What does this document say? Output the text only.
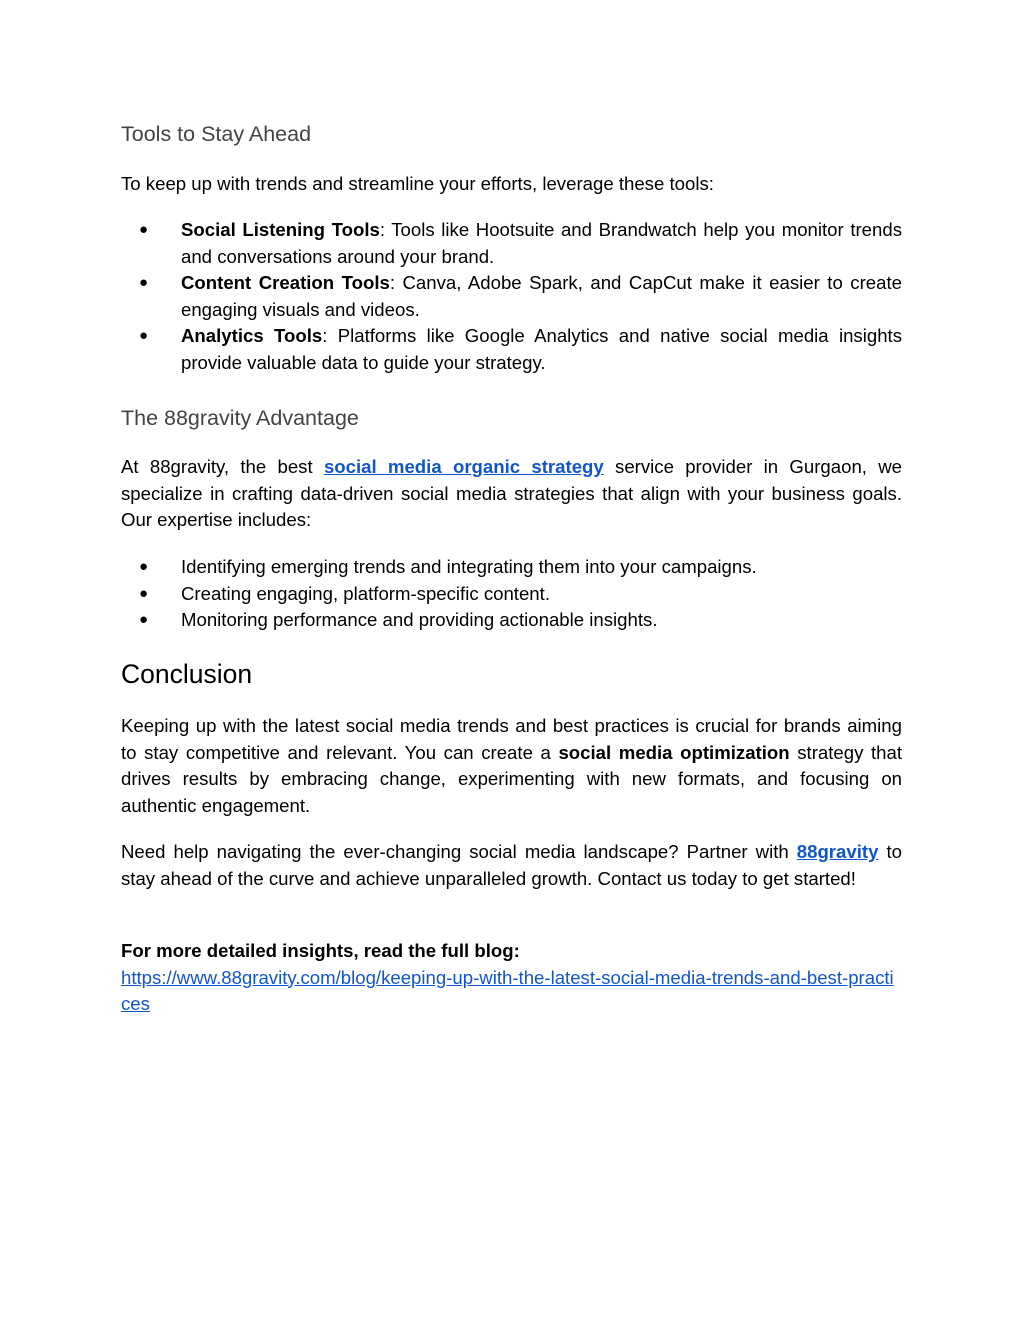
Tools to Stay Ahead

To keep up with trends and streamline your efforts, leverage these tools:

● Social Listening Tools: Tools like Hootsuite and Brandwatch help you monitor trends and conversations around your brand.
● Content Creation Tools: Canva, Adobe Spark, and CapCut make it easier to create engaging visuals and videos.
● Analytics Tools: Platforms like Google Analytics and native social media insights provide valuable data to guide your strategy.
The 88gravity Advantage

At 88gravity, the best social media organic strategy service provider in Gurgaon, we specialize in crafting data-driven social media strategies that align with your business goals. Our expertise includes:

● Identifying emerging trends and integrating them into your campaigns.
● Creating engaging, platform-specific content.
● Monitoring performance and providing actionable insights.
Conclusion

Keeping up with the latest social media trends and best practices is crucial for brands aiming to stay competitive and relevant. You can create a social media optimization strategy that drives results by embracing change, experimenting with new formats, and focusing on authentic engagement.

Need help navigating the ever-changing social media landscape? Partner with 88gravity to stay ahead of the curve and achieve unparalleled growth. Contact us today to get started!

For more detailed insights, read the full blog:
https://www.88gravity.com/blog/keeping-up-with-the-latest-social-media-trends-and-best-practices
